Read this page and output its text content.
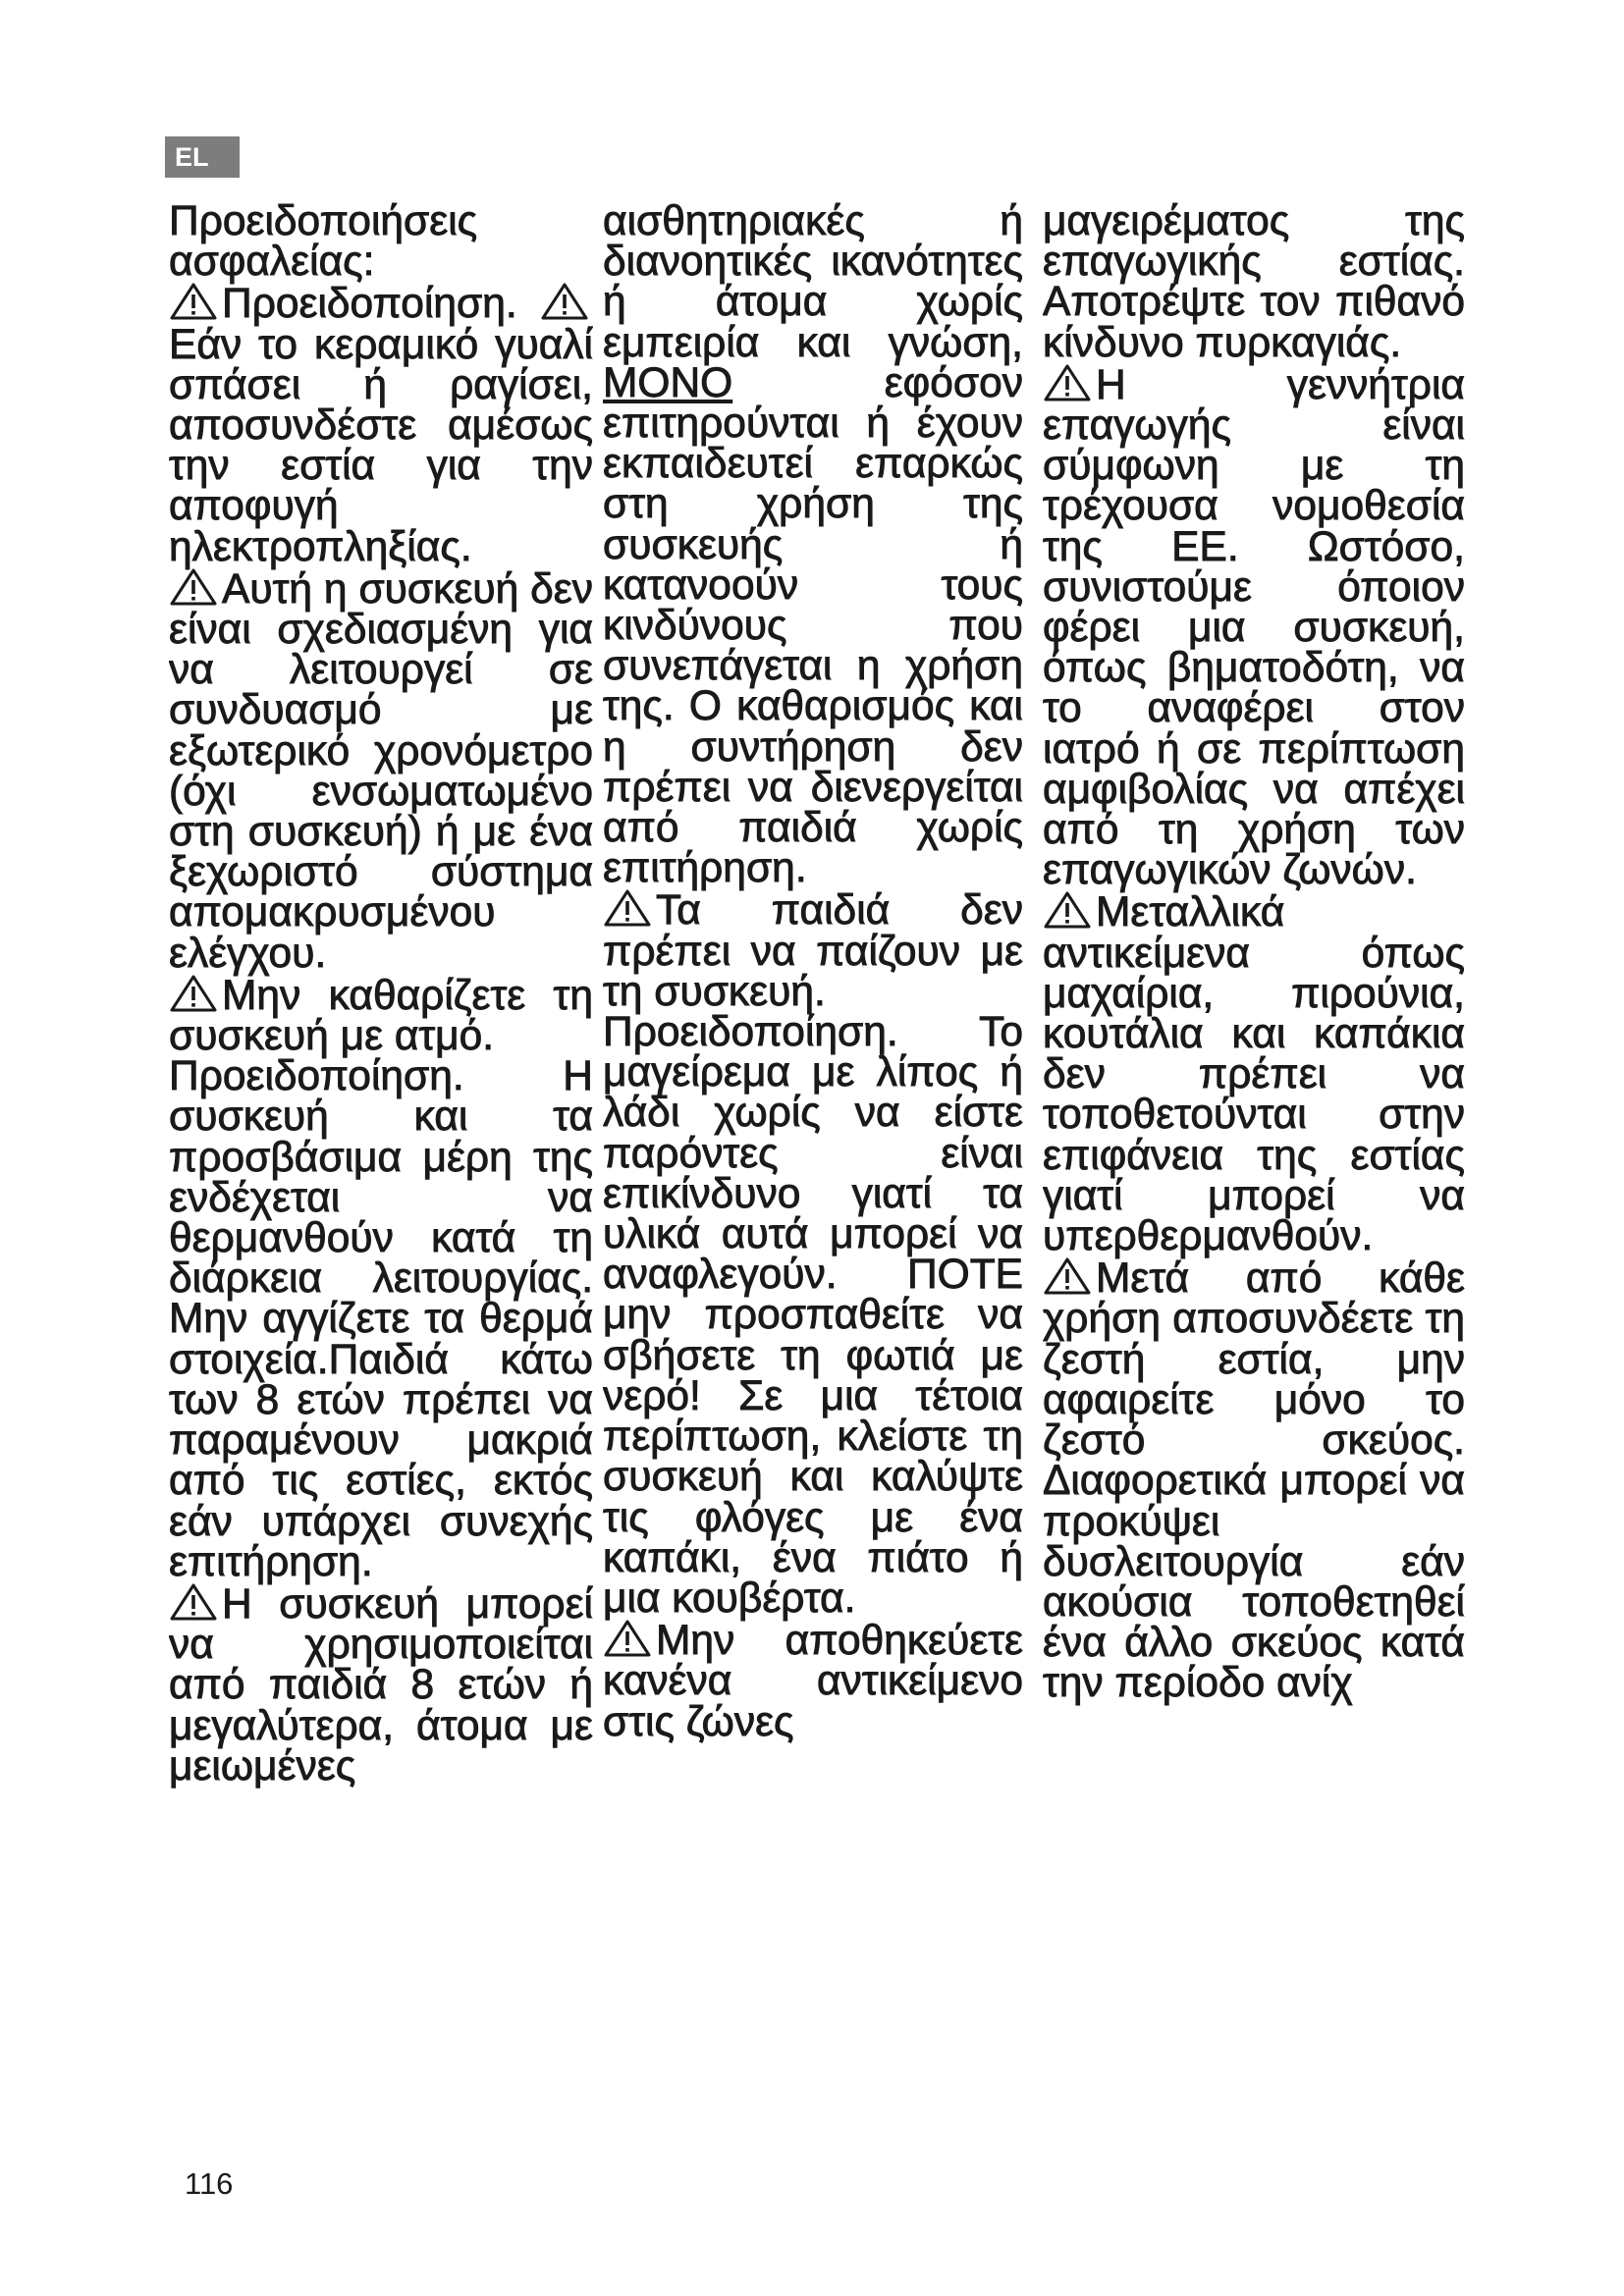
EL

Προειδοποιήσεις ασφαλείας:

Προειδοποίηση.
Εάν το κεραμικό γυαλί σπάσει ή ραγίσει, αποσυνδέστε αμέσως την εστία για την αποφυγή ηλεκτροπληξίας.

Αυτή η συσκευή δεν είναι σχεδιασμένη για να λειτουργεί σε συνδυασμό με εξωτερικό χρονόμετρο (όχι ενσωματωμένο στη συσκευή) ή με ένα ξεχωριστό σύστημα απομακρυσμένου ελέγχου.

Μην καθαρίζετε τη συσκευή με ατμό.

Προειδοποίηση. Η συσκευή και τα προσβάσιμα μέρη της ενδέχεται να θερμανθούν κατά τη διάρκεια λειτουργίας. Μην αγγίζετε τα θερμά στοιχεία.Παιδιά κάτω των 8 ετών πρέπει να παραμένουν μακριά από τις εστίες, εκτός εάν υπάρχει συνεχής επιτήρηση.

Η συσκευή μπορεί να χρησιμοποιείται από παιδιά 8 ετών ή μεγαλύτερα, άτομα με μειωμένες

αισθητηριακές ή διανοητικές ικανότητες ή άτομα χωρίς εμπειρία και γνώση, ΜΟΝΟ	εφόσον επιτηρούνται ή έχουν εκπαιδευτεί επαρκώς στη χρήση της συσκευής ή κατανοούν τους κινδύνους που συνεπάγεται η χρήση της. Ο καθαρισμός και η συντήρηση δεν πρέπει να διενεργείται από παιδιά χωρίς επιτήρηση.

Τα παιδιά δεν πρέπει να παίζουν με τη συσκευή.

Προειδοποίηση. Το μαγείρεμα με λίπος ή λάδι χωρίς να είστε παρόντες είναι επικίνδυνο γιατί τα υλικά αυτά μπορεί να αναφλεγούν. ΠΟΤΕ μην προσπαθείτε να σβήσετε τη φωτιά με νερό! Σε μια τέτοια περίπτωση, κλείστε τη συσκευή και καλύψτε τις φλόγες με ένα καπάκι, ένα πιάτο ή μια κουβέρτα.

Μην αποθηκεύετε κανένα αντικείμενο στις ζώνες

μαγειρέματος της επαγωγικής εστίας. Αποτρέψτε τον πιθανό κίνδυνο πυρκαγιάς.

Η γεννήτρια επαγωγής είναι σύμφωνη με τη τρέχουσα νομοθεσία της ΕΕ. Ωστόσο, συνιστούμε όποιον φέρει μια συσκευή, όπως βηματοδότη, να το αναφέρει στον ιατρό ή σε περίπτωση αμφιβολίας να απέχει από τη χρήση των επαγωγικών ζωνών.

Μεταλλικά αντικείμενα όπως μαχαίρια, πιρούνια, κουτάλια και καπάκια δεν πρέπει να τοποθετούνται στην επιφάνεια της εστίας γιατί μπορεί να υπερθερμανθούν.

Μετά από κάθε χρήση αποσυνδέετε τη ζεστή εστία, μην αφαιρείτε μόνο το ζεστό σκεύος. Διαφορετικά μπορεί να προκύψει δυσλειτουργία εάν ακούσια τοποθετηθεί ένα άλλο σκεύος κατά την περίοδο ανίχ

116
